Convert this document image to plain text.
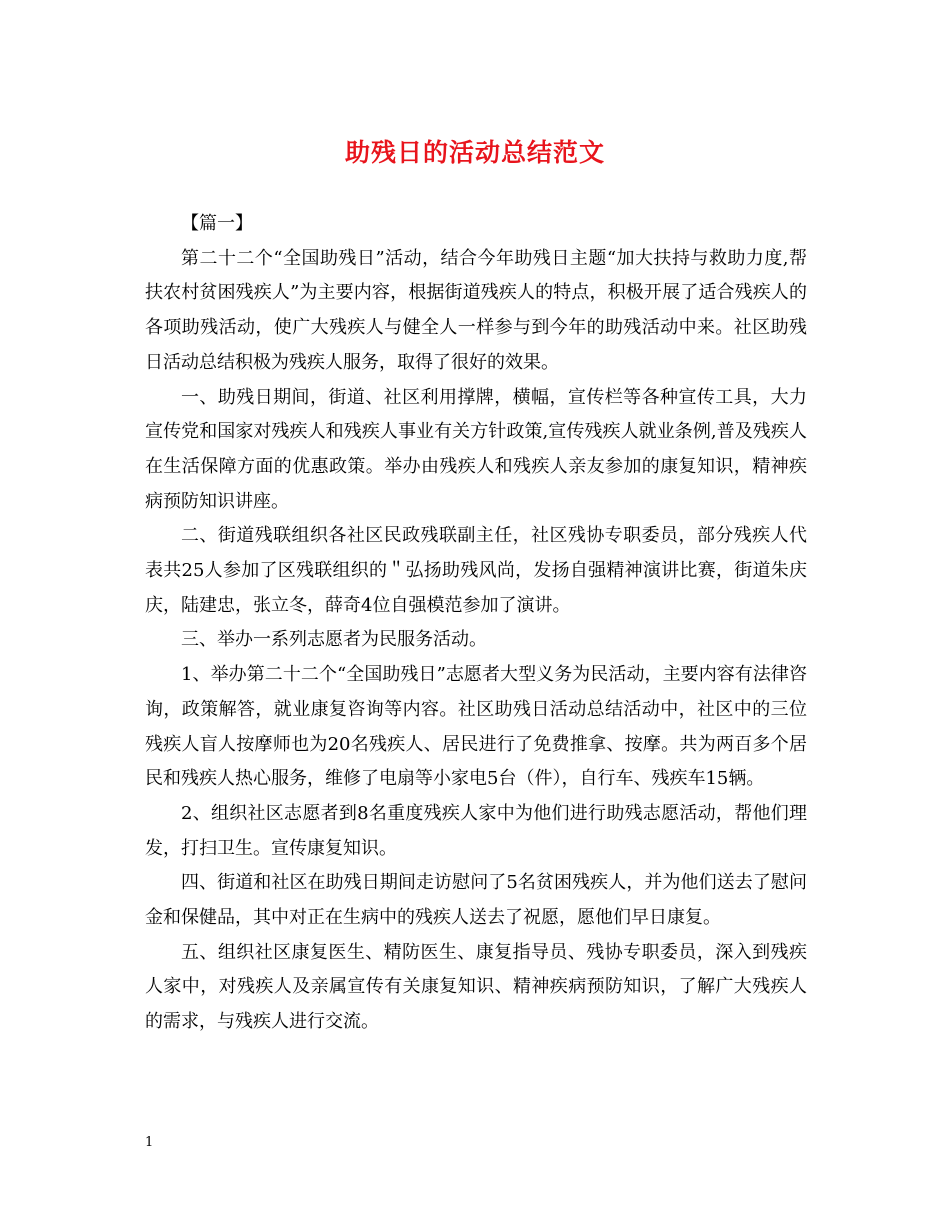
助残日的活动总结范文

【篇一】

第二十二个“全国助残日”活动，结合今年助残日主题“加大扶持与救助力度,帮扶农村贫困残疾人”为主要内容，根据街道残疾人的特点，积极开展了适合残疾人的各项助残活动，使广大残疾人与健全人一样参与到今年的助残活动中来。社区助残日活动总结积极为残疾人服务，取得了很好的效果。

一、助残日期间，街道、社区利用撑牌，横幅，宣传栏等各种宣传工具，大力宣传党和国家对残疾人和残疾人事业有关方针政策,宣传残疾人就业条例,普及残疾人在生活保障方面的优惠政策。举办由残疾人和残疾人亲友参加的康复知识，精神疾病预防知识讲座。

二、街道残联组织各社区民政残联副主任，社区残协专职委员，部分残疾人代表共25人参加了区残联组织的＂弘扬助残风尚，发扬自强精神演讲比赛，街道朱庆庆，陆建忠，张立冬，薛奇4位自强模范参加了演讲。

三、举办一系列志愿者为民服务活动。

1、举办第二十二个“全国助残日”志愿者大型义务为民活动，主要内容有法律咨询，政策解答，就业康复咨询等内容。社区助残日活动总结活动中，社区中的三位残疾人盲人按摩师也为20名残疾人、居民进行了免费推拿、按摩。共为两百多个居民和残疾人热心服务，维修了电扇等小家电5台（件），自行车、残疾车15辆。

2、组织社区志愿者到8名重度残疾人家中为他们进行助残志愿活动，帮他们理发，打扫卫生。宣传康复知识。

四、街道和社区在助残日期间走访慰问了5名贫困残疾人，并为他们送去了慰问金和保健品，其中对正在生病中的残疾人送去了祝愿，愿他们早日康复。

五、组织社区康复医生、精防医生、康复指导员、残协专职委员，深入到残疾人家中，对残疾人及亲属宣传有关康复知识、精神疾病预防知识，了解广大残疾人的需求，与残疾人进行交流。

1
